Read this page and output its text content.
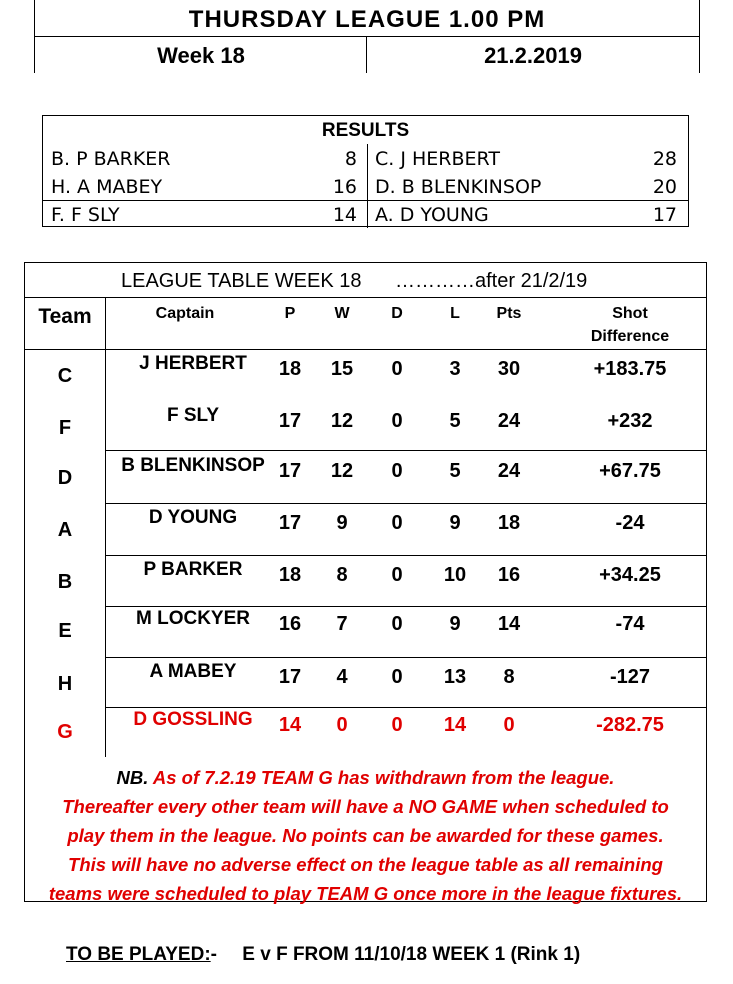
THURSDAY LEAGUE 1.00 PM
Week 18	21.2.2019
RESULTS
B. P BARKER	8 C. J HERBERT	28
H. A MABEY	16 D. B BLENKINSOP	20
F. F SLY	14 A. D YOUNG	17
LEAGUE TABLE WEEK 18 …………after 21/2/19
Team	Captain	P	W	D	L	Pts	Shot
Difference
C
J HERBERT	18 15	0	3	30	+183.75
F
F SLY	17 12	0	5	24	+232
D
B BLENKINSOP 17 12	0	5	24	+67.75
A
D YOUNG	17	9	0	9	18	-24
B
P BARKER	18	8	0	10	16	+34.25
E
M LOCKYER	16	7	0	9	14	-74
H
A MABEY	17	4	0	13	8	-127
G
D GOSSLING	14	0	0	14	0	-282.75
NB. As of 7.2.19 TEAM G has withdrawn from the league.
Thereafter every other team will have a NO GAME when scheduled to
play them in the league. No points can be awarded for these games.
This will have no adverse effect on the league table as all remaining
teams were scheduled to play TEAM G once more in the league fixtures.
TO BE PLAYED:- E v F FROM 11/10/18 WEEK 1 (Rink 1)
